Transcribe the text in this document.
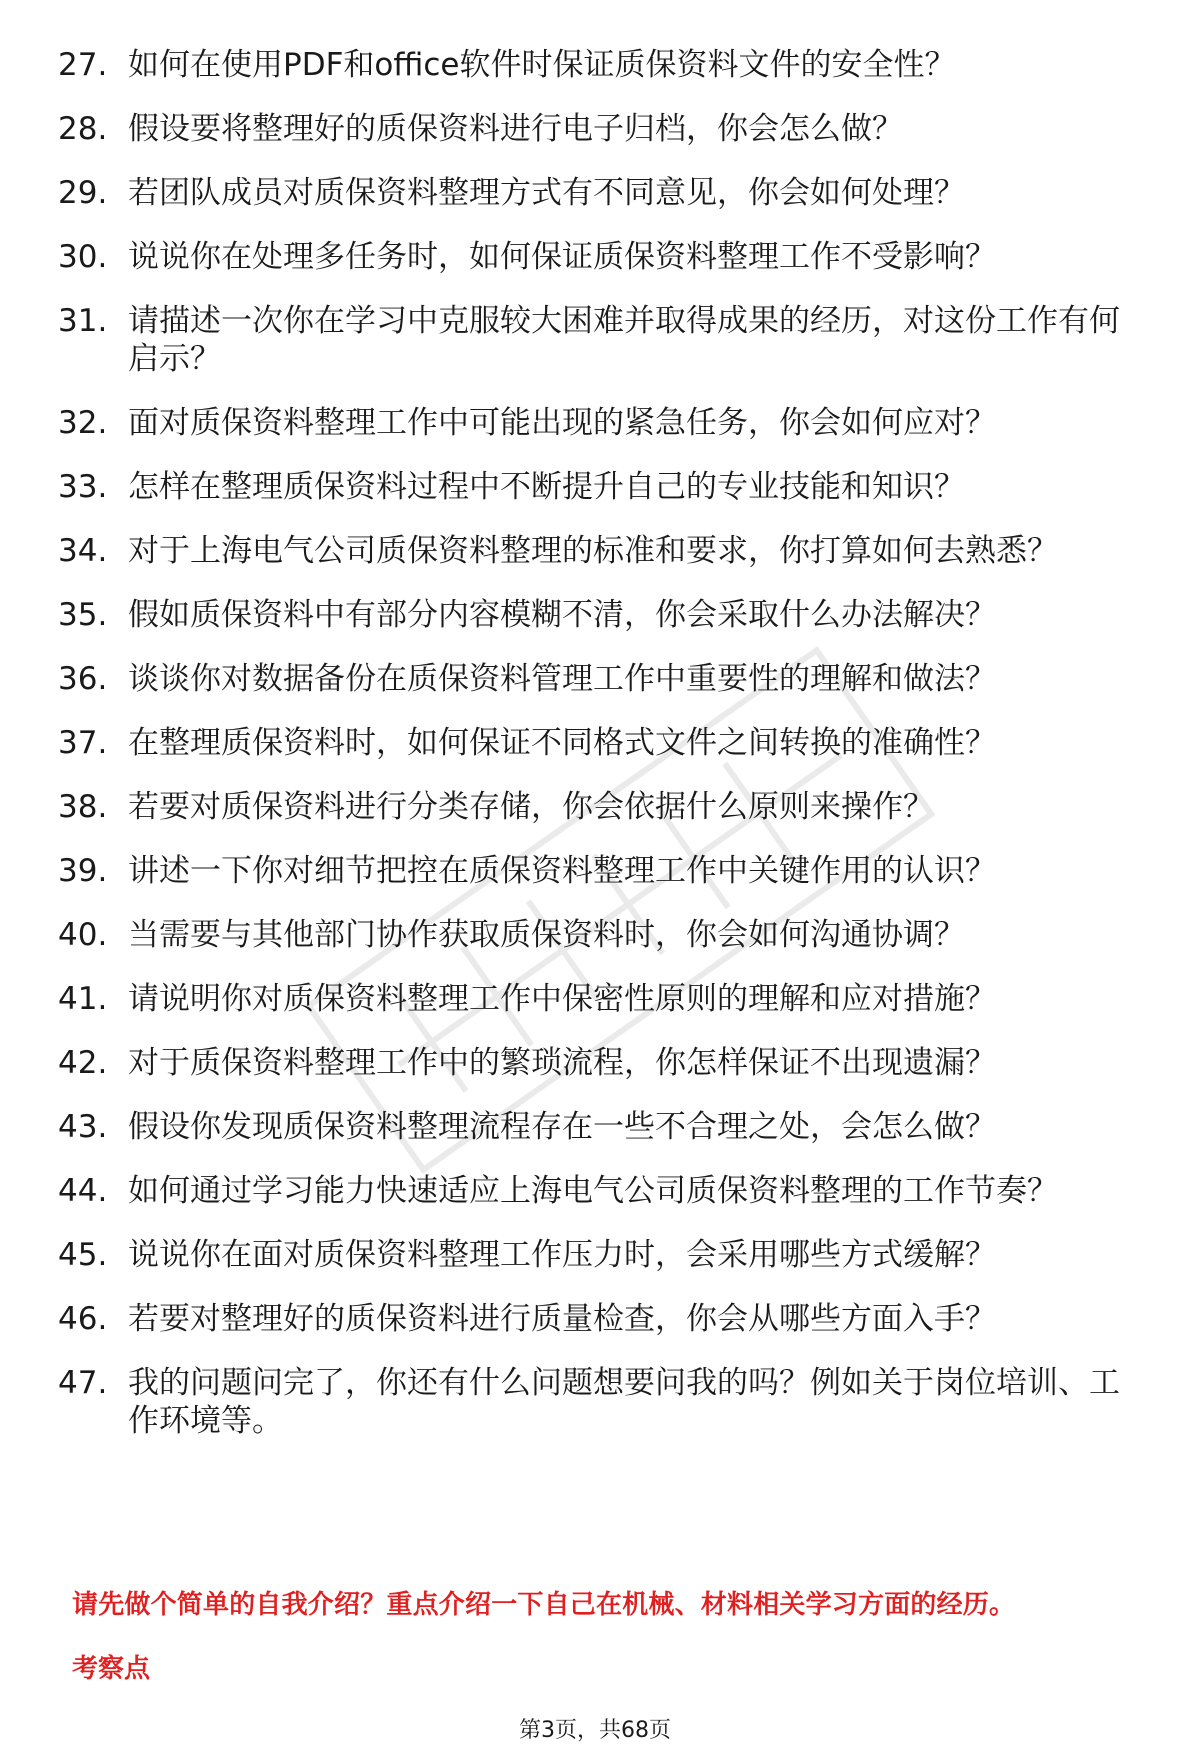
27. 如何在使用PDF和office软件时保证质保资料文件的安全性？
28. 假设要将整理好的质保资料进行电子归档，你会怎么做？
29. 若团队成员对质保资料整理方式有不同意见，你会如何处理？
30. 说说你在处理多任务时，如何保证质保资料整理工作不受影响？
31. 请描述一次你在学习中克服较大困难并取得成果的经历，对这份工作有何启示？
32. 面对质保资料整理工作中可能出现的紧急任务，你会如何应对？
33. 怎样在整理质保资料过程中不断提升自己的专业技能和知识？
34. 对于上海电气公司质保资料整理的标准和要求，你打算如何去熟悉？
35. 假如质保资料中有部分内容模糊不清，你会采取什么办法解决？
36. 谈谈你对数据备份在质保资料管理工作中重要性的理解和做法？
37. 在整理质保资料时，如何保证不同格式文件之间转换的准确性？
38. 若要对质保资料进行分类存储，你会依据什么原则来操作？
39. 讲述一下你对细节把控在质保资料整理工作中关键作用的认识？
40. 当需要与其他部门协作获取质保资料时，你会如何沟通协调？
41. 请说明你对质保资料整理工作中保密性原则的理解和应对措施？
42. 对于质保资料整理工作中的繁琐流程，你怎样保证不出现遗漏？
43. 假设你发现质保资料整理流程存在一些不合理之处，会怎么做？
44. 如何通过学习能力快速适应上海电气公司质保资料整理的工作节奏？
45. 说说你在面对质保资料整理工作压力时，会采用哪些方式缓解？
46. 若要对整理好的质保资料进行质量检查，你会从哪些方面入手？
47. 我的问题问完了，你还有什么问题想要问我的吗？例如关于岗位培训、工作环境等。
请先做个简单的自我介绍？重点介绍一下自己在机械、材料相关学习方面的经历。
考察点
第3页，共68页
